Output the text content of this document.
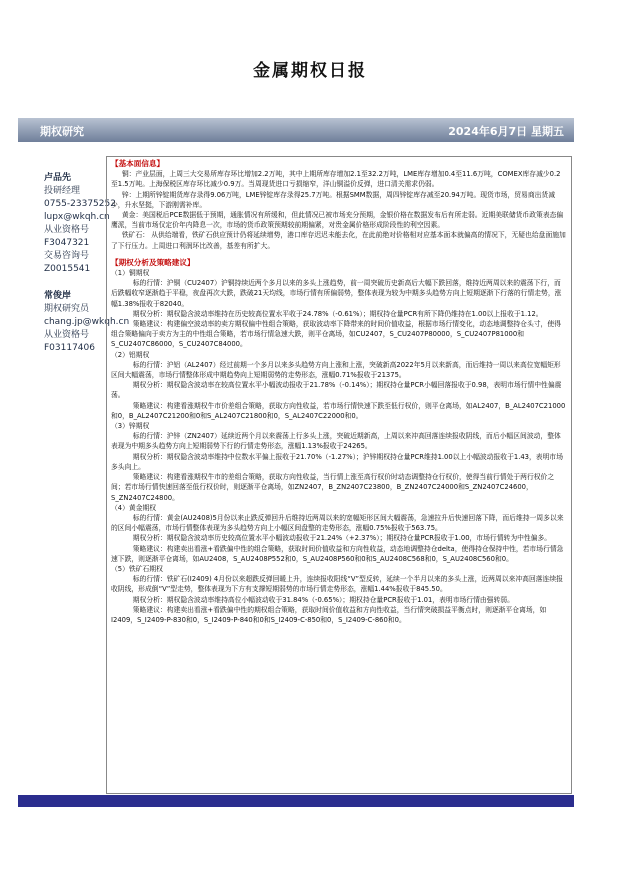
金属期权日报
期权研究	2024年6月7日 星期五
卢品先
投研经理
0755-23375252
lupx@wkqh.cn
从业资格号
F3047321
交易咨询号
Z0015541
常俊岸
期权研究员
chang.jp@wkqh.cn
从业资格号
F03117406

【基本面信息】

铜：产业层面，上周三大交易所库存环比增加2.2万吨，其中上期所库存增加2.1至32.2万吨，LME库存增加0.4至11.6万吨，COMEX库存减少0.2至1.5万吨。上海保税区库存环比减少0.9万。当周现货进口亏损缩窄，洋山铜溢价反弹，进口清关需求仍弱。

锌：上期所锌锭期货库存录得9.06万吨，LME锌锭库存录得25.7万吨。根据SMM数据，周四锌锭库存减至20.94万吨。现货市场，贸易商出货减少，升水坚挺，下游刚需补库。

黄金：美国税后PCE数据低于预期，通胀情况有所缓和，但此情况已被市场充分预期，金银价格在数据发布后有所走弱。近期美联储货币政策表态偏鹰派，当前市场仅定价年内降息一次，市场的货币政策预期较前期偏紧，对贵金属价格形成阶段性的利空因素。

铁矿石： 从供给端看，铁矿石供应预计仍将延续增势，港口库存迟迟未能去化，在此前绝对价格相对应基本面本就偏高的情况下，无疑也给盘面施加了下行压力。上周进口利润环比改善，基差有所扩大。

【期权分析及策略建议】

（1）铜期权

标的行情：沪铜（CU2407）沪铜持续近两个多月以来的多头上涨趋势，前一周突破历史新高后大幅下跌回落，维持近两周以来的震荡下行，而后跌幅收窄逐渐趋于平稳，夜盘再次大跌，跌破21天均线，市场行情有所偏弱势，整体表现为较为中期多头趋势方向上短期逐渐下行落的行情走势，涨幅1.38%报收于82040。

期权分析：期权隐含波动率维持在历史较高位置水平收于24.78%（-0.61%）；期权持仓量PCR有所下降仍维持在1.00以上报收于1.12。

策略建议：构建偏空波动率的卖方期权偏中性组合策略，获取波动率下降带来的时间价值收益，根据市场行情变化，动态地调整持仓头寸，使得组合策略偏向于卖方为主的中性组合策略，若市场行情急速大跌，则平仓离场，如CU2407，S_CU2407P80000，S_CU2407P81000和S_CU2407C86000，S_CU2407C84000。

（2）铝期权

标的行情：沪铝（AL2407）经过前期一个多月以来多头趋势方向上涨和上涨，突破新高2022年5月以来新高，而后维持一周以来高位宽幅矩形区间大幅震荡，市场行情整体形成中期趋势向上短期弱势的走势形态，涨幅0.71%报收于21375。

期权分析：期权隐含波动率在较高位置水平小幅波动报收于21.78%（-0.14%）；期权持仓量PCR小幅回落报收于0.98，表明市场行情中性偏震荡。

策略建议：构建看涨期权牛市价差组合策略，获取方向性收益，若市场行情快速下跌至低行权价，则平仓离场，如AL2407，B_AL2407C21000和0，B_AL2407C21200和0和S_AL2407C21800和0，S_AL2407C22000和0。

（3）锌期权

标的行情：沪锌（ZN2407）延续近两个月以来震荡上行多头上涨，突破近期新高，上周以来冲高回落连续报收阴线，而后小幅区间波动，整体表现为中期多头趋势方向上短期弱势下行的行情走势形态，涨幅1.13%报收于24265。

期权分析：期权隐含波动率维持中位数水平偏上报收于21.70%（-1.27%）；沪锌期权持仓量PCR维持1.00以上小幅波动报收于1.43，表明市场多头向上。

策略建议：构建看涨期权牛市的差组合策略，获取方向性收益，当行情上涨至高行权价时动态调整持仓行权价，使得当前行情处于两行权价之间；若市场行情快速回落至低行权价时，则逐渐平仓离场，如ZN2407，B_ZN2407C23800，B_ZN2407C24000和S_ZN2407C24600，S_ZN2407C24800。

（4）黄金期权

标的行情：黄金(AU2408)5月份以来止跌反弹回升后维持近两周以来的宽幅矩形区间大幅震荡，急速拉升后快速回落下降，而后维持一周多以来的区间小幅震荡，市场行情整体表现为多头趋势方向上小幅区间盘整的走势形态，涨幅0.75%报收于563.75。

期权分析：期权隐含波动率历史较高位置水平小幅波动报收于21.24%（+2.37%）；期权持仓量PCR报收于1.00，市场行情转为中性偏多。

策略建议：构建卖出看涨+看跌偏中性的组合策略，获取时间价值收益和方向性收益，动态地调整持仓delta，使得持仓保持中性，若市场行情急速下跌，则逐渐平仓离场，如AU2408，S_AU2408P552和0，S_AU2408P560和0和S_AU2408C568和0，S_AU2408C560和0。

（5）铁矿石期权

标的行情：铁矿石(I2409) 4月份以来超跌反弹回暖上升，连续报收阳线“V”型反转，延续一个半月以来的多头上涨，近两周以来冲高回落连续报收阴线，形成倒“V”型走势，整体表现为下方有支撑短期弱势的市场行情走势形态，涨幅1.44%报收于845.50。

期权分析：期权隐含波动率维持高位小幅波动收于31.84%（-0.65%）；期权持仓量PCR报收于1.01，表明市场行情由强转弱。

策略建议：构建卖出看涨+看跌偏中性的期权组合策略，获取时间价值收益和方向性收益，当行情突破损益平衡点时，则逐渐平仓离场，如I2409，S_I2409-P-830和0，S_I2409-P-840和0和S_I2409-C-850和0，S_I2409-C-860和0。
